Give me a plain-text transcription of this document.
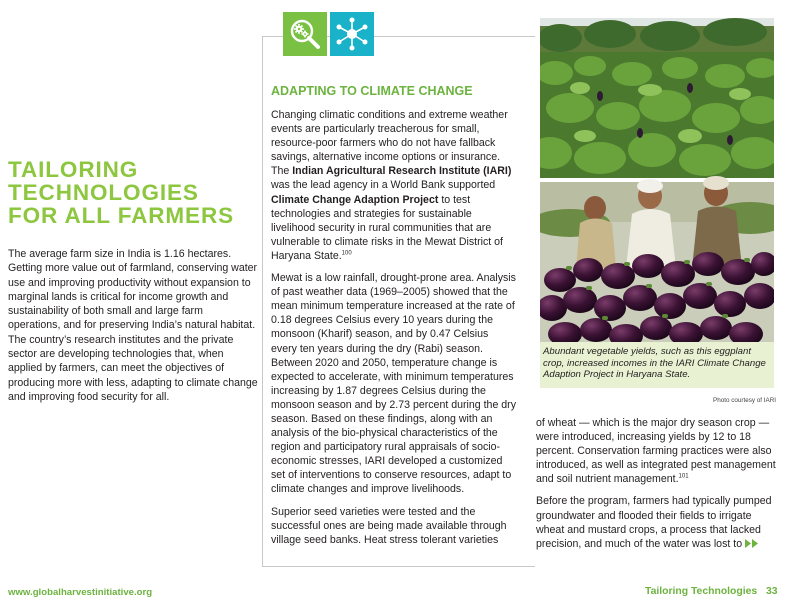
TAILORING
TECHNOLOGIES
FOR ALL FARMERS

The average farm size in India is 1.16 hectares. Getting more value out of farmland, conserving water use and improving productivity without expansion to marginal lands is critical for income growth and sustainability of both small and large farm operations, and for preserving India’s natural habitat. The country’s research institutes and the private sector are developing technologies that, when applied by farmers, can meet the objectives of producing more with less, adapting to climate change and improving food security for all.

ADAPTING TO CLIMATE CHANGE

Changing climatic conditions and extreme weather events are particularly treacherous for small, resource-poor farmers who do not have fallback savings, alternative income options or insurance. The Indian Agricultural Research Institute (IARI) was the lead agency in a World Bank supported Climate Change Adaption Project to test technologies and strategies for sustainable livelihood security in rural communities that are vulnerable to climate risks in the Mewat District of Haryana State.$^{100}$

Mewat is a low rainfall, drought-prone area. Analysis of past weather data (1969–2005) showed that the mean minimum temperature increased at the rate of 0.18 degrees Celsius every 10 years during the monsoon (Kharif) season, and by 0.47 Celsius every ten years during the dry (Rabi) season. Between 2020 and 2050, temperature change is expected to accelerate, with minimum temperatures increasing by 1.87 degrees Celsius during the monsoon season and by 2.73 percent during the dry season. Based on these findings, along with an analysis of the bio-physical characteristics of the region and participatory rural appraisals of socio-economic stresses, IARI developed a customized set of interventions to conserve resources, adapt to climate changes and improve livelihoods.

Superior seed varieties were tested and the successful ones are being made available through village seed banks. Heat stress tolerant varieties

Abundant vegetable yields, such as this eggplant crop, increased incomes in the IARI Climate Change Adaption Project in Haryana State.
Photo courtesy of IARI

of wheat — which is the major dry season crop — were introduced, increasing yields by 12 to 18 percent. Conservation farming practices were also introduced, as well as integrated pest management and soil nutrient management.$^{101}$

Before the program, farmers had typically pumped groundwater and flooded their fields to irrigate wheat and mustard crops, a process that lacked precision, and much of the water was lost to

www.globalharvestinitiative.org	Tailoring Technologies 33
